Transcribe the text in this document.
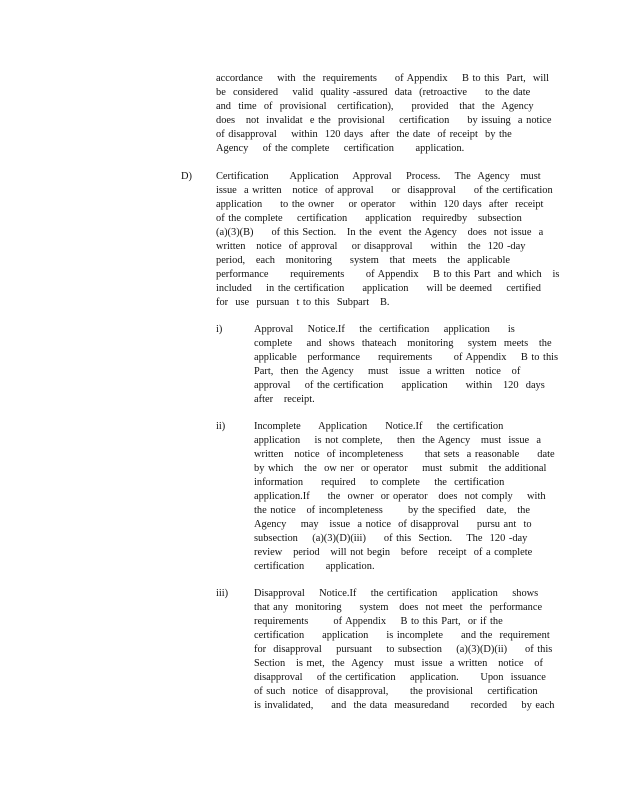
accordance    with  the  requirements     of Appendix    B to this  Part,  will
be  considered    valid  quality -assured  data  (retroactive     to the date
and  time  of  provisional   certification),     provided   that  the  Agency
does   not  invalidat  e the  provisional    certification     by issuing  a notice
of disapproval    within  120 days  after  the date  of receipt  by the
Agency    of the complete    certification      application.
D) Certification      Application    Approval    Process.    The  Agency   must
issue  a written   notice  of approval     or  disapproval     of the certification
application     to the owner    or operator    within  120 days  after  receipt
of the complete    certification     application   requiredby   subsection
(a)(3)(B)     of this Section.   In the  event  the Agency   does  not issue  a
written   notice  of approval    or disapproval     within   the  120 -day
period,   each   monitoring     system   that  meets   the  applicable
performance      requirements      of Appendix    B to this Part  and which   is
included    in the certification     application     will be deemed    certified
for  use  pursuan  t to this  Subpart   B.
i)	Approval    Notice.If    the  certification    application     is
complete    and  shows  thateach   monitoring    system  meets   the
applicable   performance     requirements      of Appendix    B to this
Part,  then  the Agency    must   issue  a written   notice   of
approval    of the certification     application     within   120  days
after   receipt.
ii)	Incomplete     Application     Notice.If    the certification
application    is not complete,    then  the Agency   must  issue  a
written   notice  of incompleteness      that sets  a reasonable     date
by which   the  ow ner  or operator    must  submit   the additional
information     required    to complete    the  certification
application.If     the  owner  or operator   does  not comply    with
the notice   of incompleteness       by the specified   date,   the
Agency    may   issue  a notice  of disapproval     pursu ant  to
subsection    (a)(3)(D)(iii)     of this  Section.    The  120 -day
review   period   will not begin   before   receipt  of a complete
certification      application.
iii) Disapproval    Notice.If    the certification    application    shows
that any  monitoring     system   does  not meet  the  performance
requirements       of Appendix    B to this Part,  or if the
certification     application     is incomplete     and the  requirement
for  disapproval    pursuant    to subsection    (a)(3)(D)(ii)     of this
Section   is met,  the  Agency   must  issue  a written   notice   of
disapproval    of the certification    application.      Upon  issuance
of such  notice  of disapproval,      the provisional    certification
is invalidated,     and  the data  measuredand      recorded    by each
